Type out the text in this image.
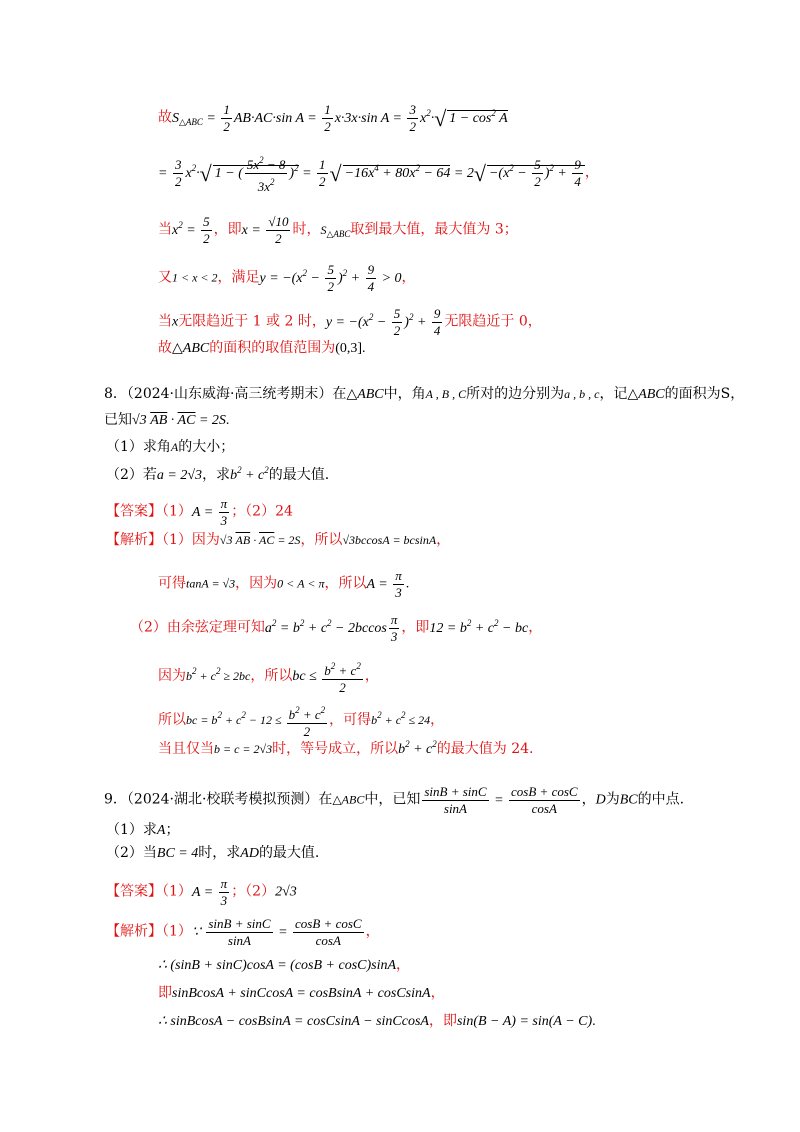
故$S_{\triangle ABC} = \frac{1}{2} AB\cdot AC\cdot\sin$ $A = \frac{1}{2} x\cdot 3x\cdot\sin$ $A = \frac{3}{2} x^2\cdot√$ $1 - \cos^2 A$
= $\frac{3}{2} x^2\cdot√$ 1 − ( $\frac{5x^2 - 8}{3x^2} )^2 = \frac{1}{2}$ √ $-16x^4 + 80x^2 - 64 = 2√ -(x^2 - \frac{5}{2} )^2 + \frac{9}{4}$ ，
当$x^2 = \frac{5}{2}$ ，即$x = \frac{√10}{2}$ 时，$S_{\triangle ABC}$取到最大值，最大值为 3；
又1 < x < 2，满足$y = -(x^2 - \frac{5}{2} )^2 + \frac{9}{4} > 0$，
当x无限趋近于 1 或 2 时，$y = -(x^2 - \frac{5}{2} )^2 + \frac{9}{4}$ 无限趋近于 0，
故△ABC的面积的取值范围为(0,3].
8．（2024·山东威海·高三统考期末）在△ABC中，角A , B , C所对的边分别为a , b , c，记△ABC的面积为S，
已知√3 $\overline{AB} \cdot \overline{AC} = 2S$.
（1）求角A的大小；
（2）若a = 2√3，求$b^2 + c^2$的最大值.
【答案】$(1)A = \frac{\pi}{3}$ ；（2）24
【解析】（1）因为√3 $\overline{AB} \cdot \overline{AC} = 2S$，所以√3bccosA = bcsinA，
可得tanA = √3，因为0 < A < π，所以$A = \frac{\pi}{3}$ .
（2）由余弦定理可知$a^2 = b^2 + c^2 - 2bccos \frac{\pi}{3}$ ，即$12 = b^2 + c^2$ − bc，
因为$b^2 + c^2 \ge 2bc$，所以bc ≤ $\frac{b^2 + c^2}{2}$ ，
所以bc = $b^2 + c^2 - 12 \le \frac{b^2 + c^2}{2}$ ，可得$b^2 + c^2 \le 24$，
当且仅当b = c = 2√3时，等号成立，所以$b^2 + c^2$的最大值为 24.
9．（2024·湖北·校联考模拟预测）在△ABC中，已知 $\frac{\sin B + \sin C}{\sin A} = \frac{\cos B + \cos C}{\cos A}$ ，D为BC的中点.
（1）求A；
（2）当BC = 4时，求AD的最大值.
【答案】$(1)A = \frac{\pi}{3}$ ；（2）2√3
【解析】（1）∵ $\frac{\sin B + \sin C}{\sin A} = \frac{\cos B + \cos C}{\cos A}$ ，
∴ (sinB + sinC)cosA = (cosB + cosC)sinA，
即sinBcosA + sinCcosA = cosBsinA + cosCsinA，
∴ sinBcosA − cosBsinA = cosCsinA − sinCcosA，即sin(B − A) = sin(A − C).
